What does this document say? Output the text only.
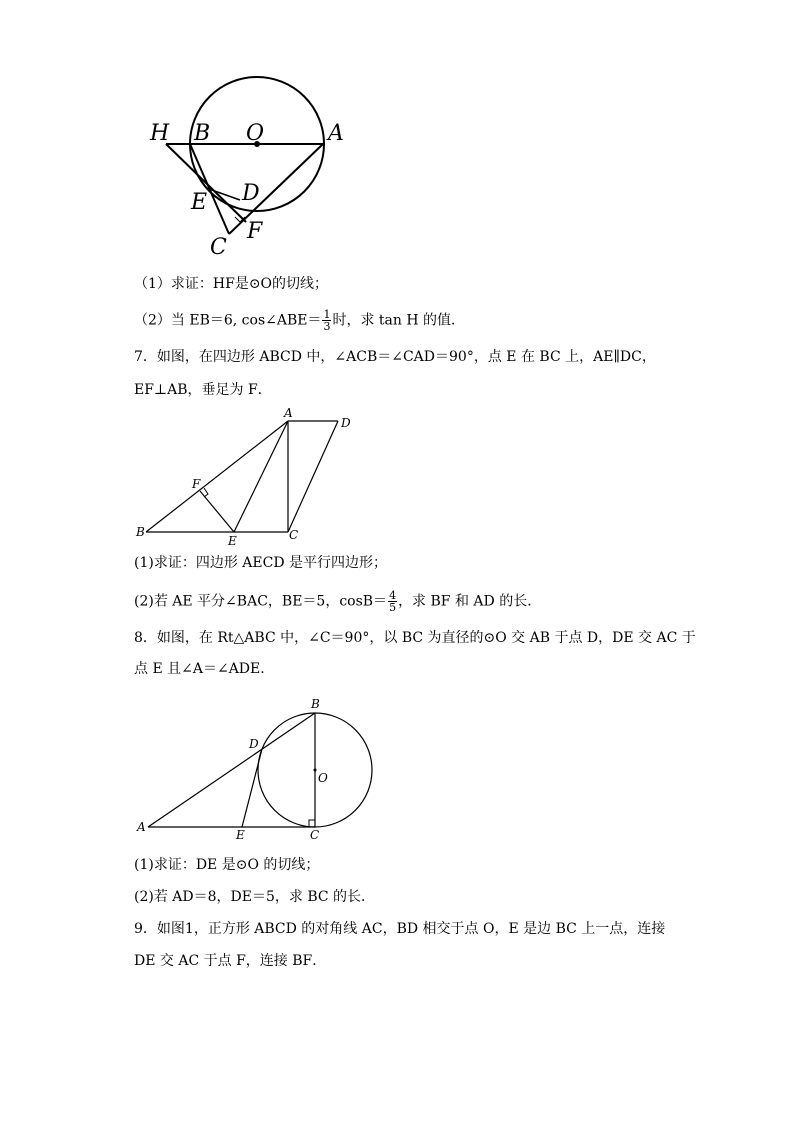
H B O	A
E D
C
F
（1）求证：HF是⊙O的切线；
（2）当 EB＝6, cos∠ABE＝ $\frac{1}{3}$ 时，求 tan H 的值．
7．如图，在四边形 ABCD 中，∠ACB＝∠CAD＝90°，点 E 在 BC 上，AE∥DC，
EF⊥AB，垂足为 F．
A
D
F
B
E	C
(1)求证：四边形 AECD 是平行四边形；
(2)若 AE 平分∠BAC，BE＝5，$\cos B= \frac{4}{5}$ ，求 BF 和 AD 的长．
8．如图，在 Rt△ABC 中，∠C＝90°，以 BC 为直径的⊙O 交 AB 于点 D，DE 交 AC 于
点 E 且∠A＝∠ADE.
B
D
O
A
E	C
(1)求证：DE 是⊙O 的切线；
(2)若 AD＝8，DE＝5，求 BC 的长．
9．如图1，正方形 ABCD 的对角线 AC，BD 相交于点 O，E 是边 BC 上一点，连接
DE 交 AC 于点 F，连接 BF．
